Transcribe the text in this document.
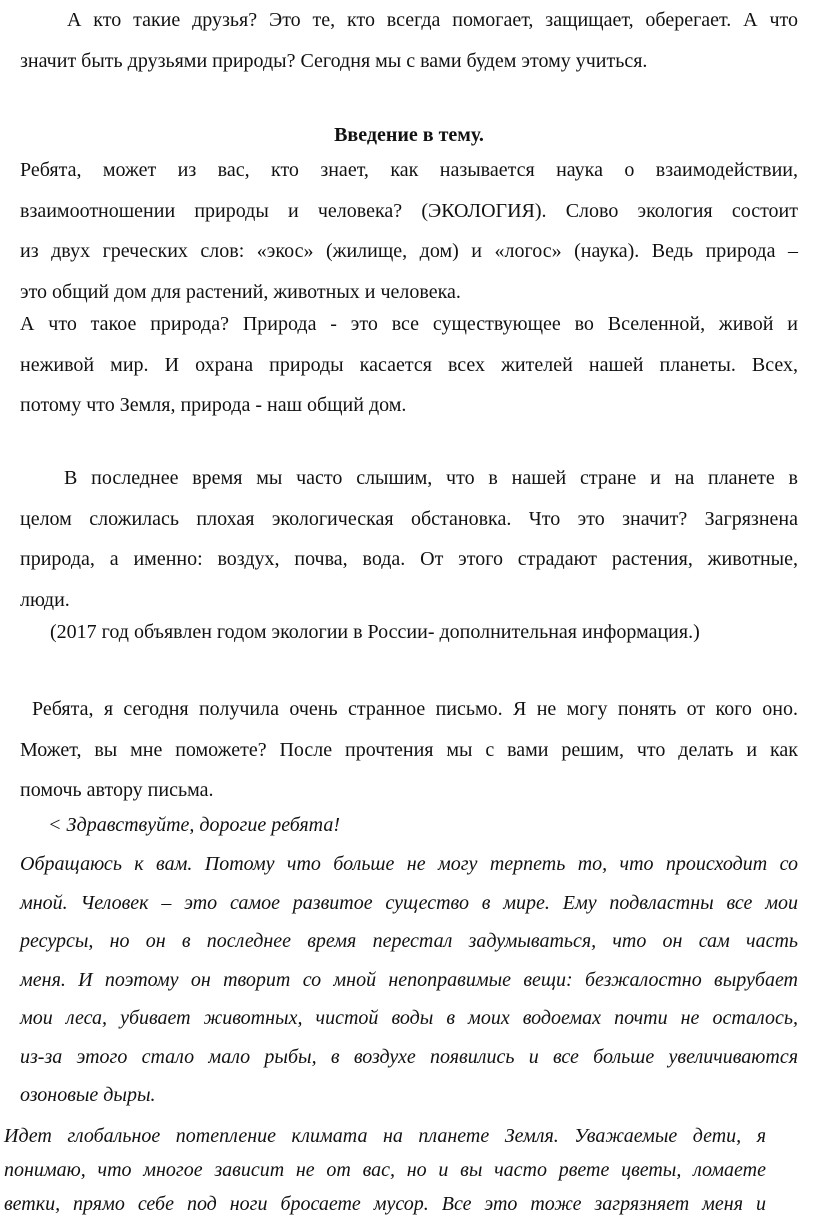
А кто такие друзья? Это те, кто всегда помогает, защищает, оберегает. А что
значит быть друзьями природы? Сегодня мы с вами будем этому учиться.
Введение в тему.
Ребята, может из вас, кто знает, как называется наука о взаимодействии,
взаимоотношении природы и человека? (ЭКОЛОГИЯ). Слово экология состоит
из двух греческих слов: «экос» (жилище, дом) и «логос» (наука). Ведь природа –
это общий дом для растений, животных и человека.
А что такое природа? Природа - это все существующее во Вселенной, живой и
неживой мир. И охрана природы касается всех жителей нашей планеты. Всех,
потому что Земля, природа - наш общий дом.
В последнее время мы часто слышим, что в нашей стране и на планете в
целом сложилась плохая экологическая обстановка. Что это значит? Загрязнена
природа, а именно: воздух, почва, вода. От этого страдают растения, животные,
люди.
(2017 год объявлен годом экологии в России- дополнительная информация.)
Ребята, я сегодня получила очень странное письмо. Я не могу понять от кого оно.
Может, вы мне поможете? После прочтения мы с вами решим, что делать и как
помочь автору письма.
< Здравствуйте, дорогие ребята!
Обращаюсь к вам. Потому что больше не могу терпеть то, что происходит со
мной. Человек – это самое развитое существо в мире. Ему подвластны все мои
ресурсы, но он в последнее время перестал задумываться, что он сам часть
меня. И поэтому он творит со мной непоправимые вещи: безжалостно вырубает
мои леса, убивает животных, чистой воды в моих водоемах почти не осталось,
из-за этого стало мало рыбы, в воздухе появились и все больше увеличиваются
озоновые дыры.
Идет глобальное потепление климата на планете Земля. Уважаемые дети, я
понимаю, что многое зависит не от вас, но и вы часто рвете цветы, ломаете
ветки, прямо себе под ноги бросаете мусор. Все это тоже загрязняет меня и
